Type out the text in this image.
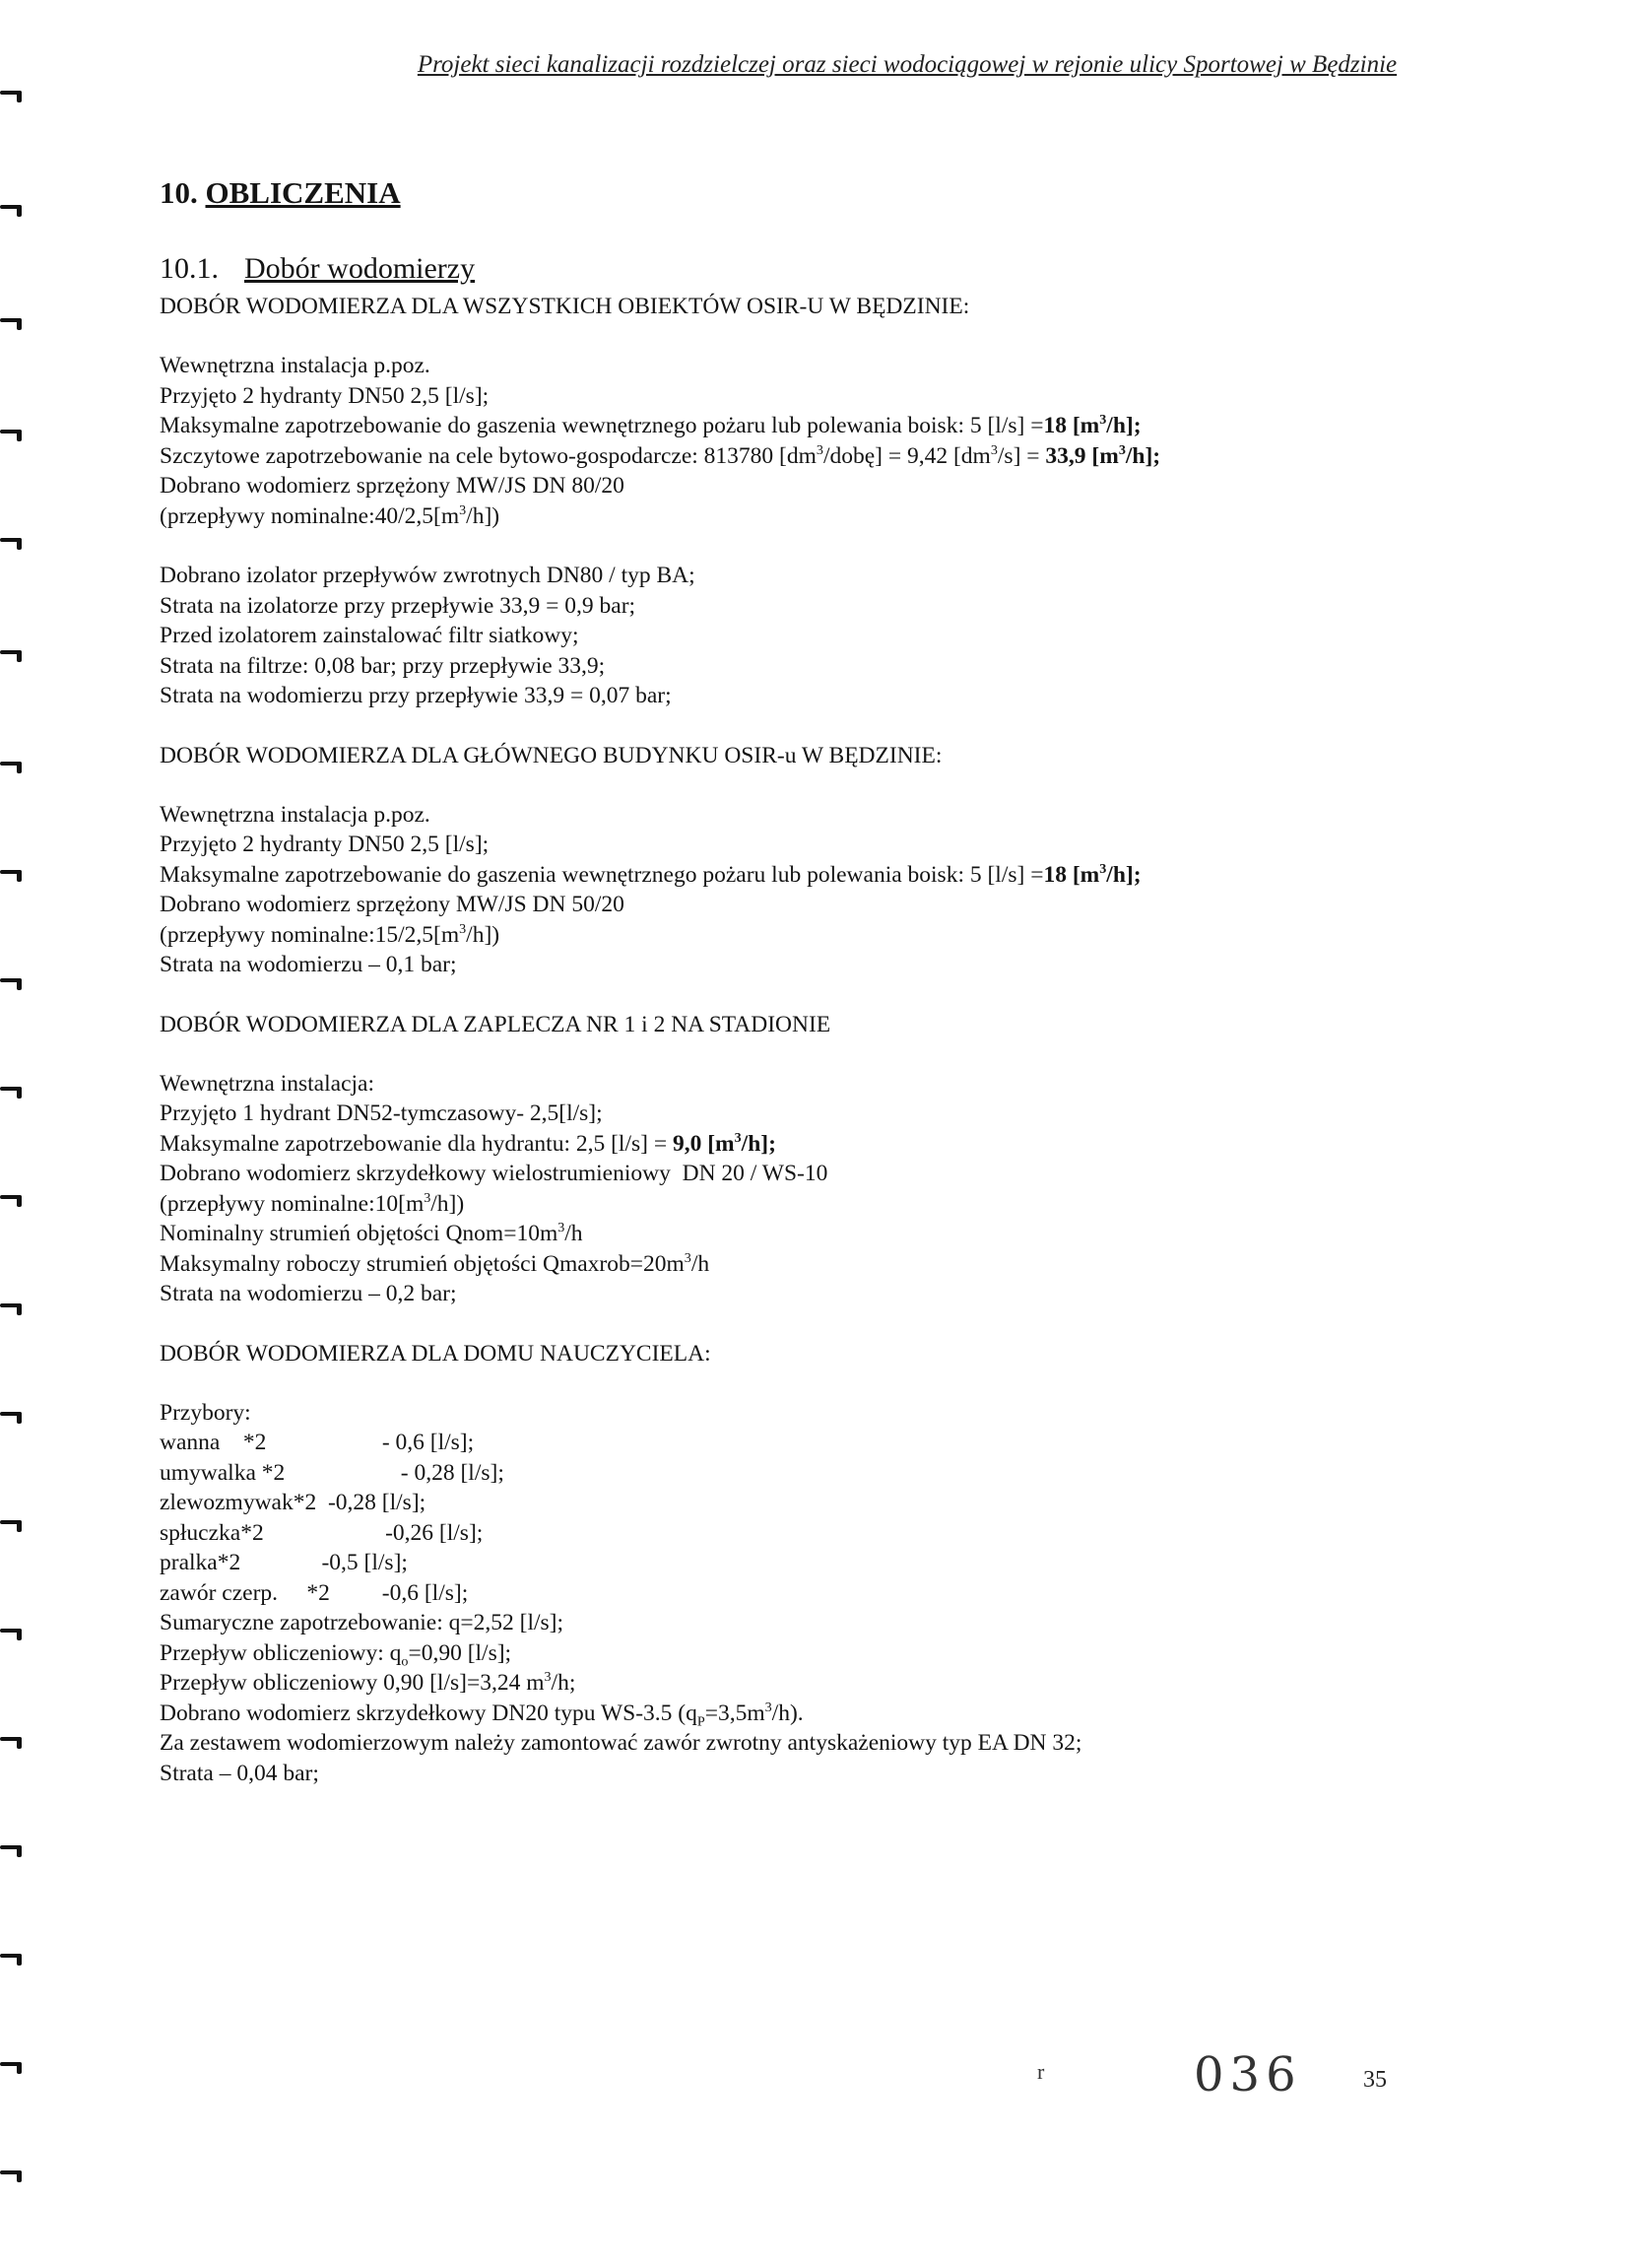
Projekt sieci kanalizacji rozdzielczej oraz sieci wodociągowej w rejonie ulicy Sportowej w Będzinie
10. OBLICZENIA
10.1. Dobór wodomierzy
DOBÓR WODOMIERZA DLA WSZYSTKICH OBIEKTÓW OSIR-U W BĘDZINIE:
Wewnętrzna instalacja p.poz.
Przyjęto 2 hydranty DN50 2,5 [l/s];
Maksymalne zapotrzebowanie do gaszenia wewnętrznego pożaru lub polewania boisk: 5 [l/s] =18 $[m^3/h]$;
Szczytowe zapotrzebowanie na cele bytowo-gospodarcze: 813780 $[dm^3/dobę] = 9,42$ $[dm^3/s] = 33,9$ $[m^3/h]$;
Dobrano wodomierz sprzężony MW/JS DN 80/20
(przepływy $nominalne:40/2,5[m^3/h]$)
Dobrano izolator przepływów zwrotnych DN80 / typ BA;
Strata na izolatorze przy przepływie 33,9 = 0,9 bar;
Przed izolatorem zainstalować filtr siatkowy;
Strata na filtrze: 0,08 bar; przy przepływie 33,9;
Strata na wodomierzu przy przepływie 33,9 = 0,07 bar;
DOBÓR WODOMIERZA DLA GŁÓWNEGO BUDYNKU OSIR-u W BĘDZINIE:
Wewnętrzna instalacja p.poz.
Przyjęto 2 hydranty DN50 2,5 [l/s];
Maksymalne zapotrzebowanie do gaszenia wewnętrznego pożaru lub polewania boisk: 5 [l/s] =18 $[m^3/h]$;
Dobrano wodomierz sprzężony MW/JS DN 50/20
(przepływy $nominalne:15/2,5[m^3/h]$)
Strata na wodomierzu – 0,1 bar;
DOBÓR WODOMIERZA DLA ZAPLECZA NR 1 i 2 NA STADIONIE
Wewnętrzna instalacja:
Przyjęto 1 hydrant DN52-tymczasowy- 2,5[l/s];
Maksymalne zapotrzebowanie dla hydrantu: 2,5 [l/s] = 9,0 $[m^3/h]$;
Dobrano wodomierz skrzydełkowy wielostrumieniowy  DN 20 / WS-10
(przepływy $nominalne:10[m^3/h]$)
Nominalny strumień objętości $Qnom=10m^3/h$
Maksymalny roboczy strumień objętości $Qmaxrob=20m^3/h$
Strata na wodomierzu – 0,2 bar;
DOBÓR WODOMIERZA DLA DOMU NAUCZYCIELA:
Przybory:
wanna    *2                    - 0,6 [l/s];
umywalka *2                    - 0,28 [l/s];
zlewozmywak*2  -0,28 [l/s];
spłuczka*2                     -0,26 [l/s];
pralka*2              -0,5 [l/s];
zawór czerp.     *2         -0,6 [l/s];
Sumaryczne zapotrzebowanie: q=2,52 [l/s];
Przepływ obliczeniowy: $q_o=0,90$ [l/s];
Przepływ obliczeniowy 0,90 [l/s]=3,24 $m^3/h$;
Dobrano wodomierz skrzydełkowy DN20 typu WS-3.5 $(q_P=3,5m^3/h)$.
Za zestawem wodomierzowym należy zamontować zawór zwrotny antyskażeniowy typ EA DN 32;
Strata – 0,04 bar;
r	036	35
